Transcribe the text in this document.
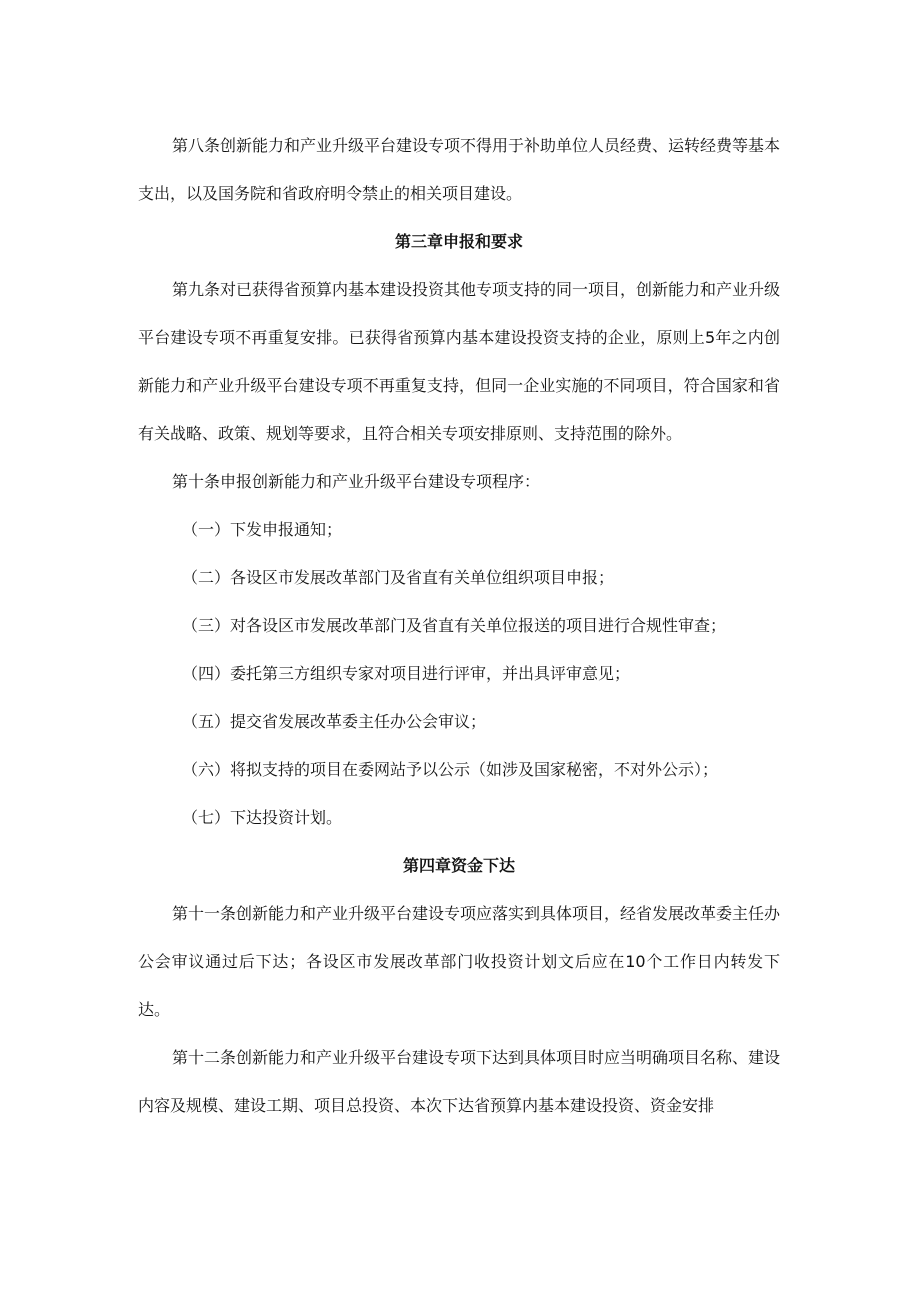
第八条创新能力和产业升级平台建设专项不得用于补助单位人员经费、运转经费等基本支出，以及国务院和省政府明令禁止的相关项目建设。

第三章申报和要求

第九条对已获得省预算内基本建设投资其他专项支持的同一项目，创新能力和产业升级平台建设专项不再重复安排。已获得省预算内基本建设投资支持的企业，原则上5年之内创新能力和产业升级平台建设专项不再重复支持，但同一企业实施的不同项目，符合国家和省有关战略、政策、规划等要求，且符合相关专项安排原则、支持范围的除外。

第十条申报创新能力和产业升级平台建设专项程序：

（一）下发申报通知；

（二）各设区市发展改革部门及省直有关单位组织项目申报；

（三）对各设区市发展改革部门及省直有关单位报送的项目进行合规性审查；

（四）委托第三方组织专家对项目进行评审，并出具评审意见；

（五）提交省发展改革委主任办公会审议；

（六）将拟支持的项目在委网站予以公示（如涉及国家秘密，不对外公示）；

（七）下达投资计划。

第四章资金下达

第十一条创新能力和产业升级平台建设专项应落实到具体项目，经省发展改革委主任办公会审议通过后下达；各设区市发展改革部门收投资计划文后应在10个工作日内转发下达。

第十二条创新能力和产业升级平台建设专项下达到具体项目时应当明确项目名称、建设内容及规模、建设工期、项目总投资、本次下达省预算内基本建设投资、资金安排
